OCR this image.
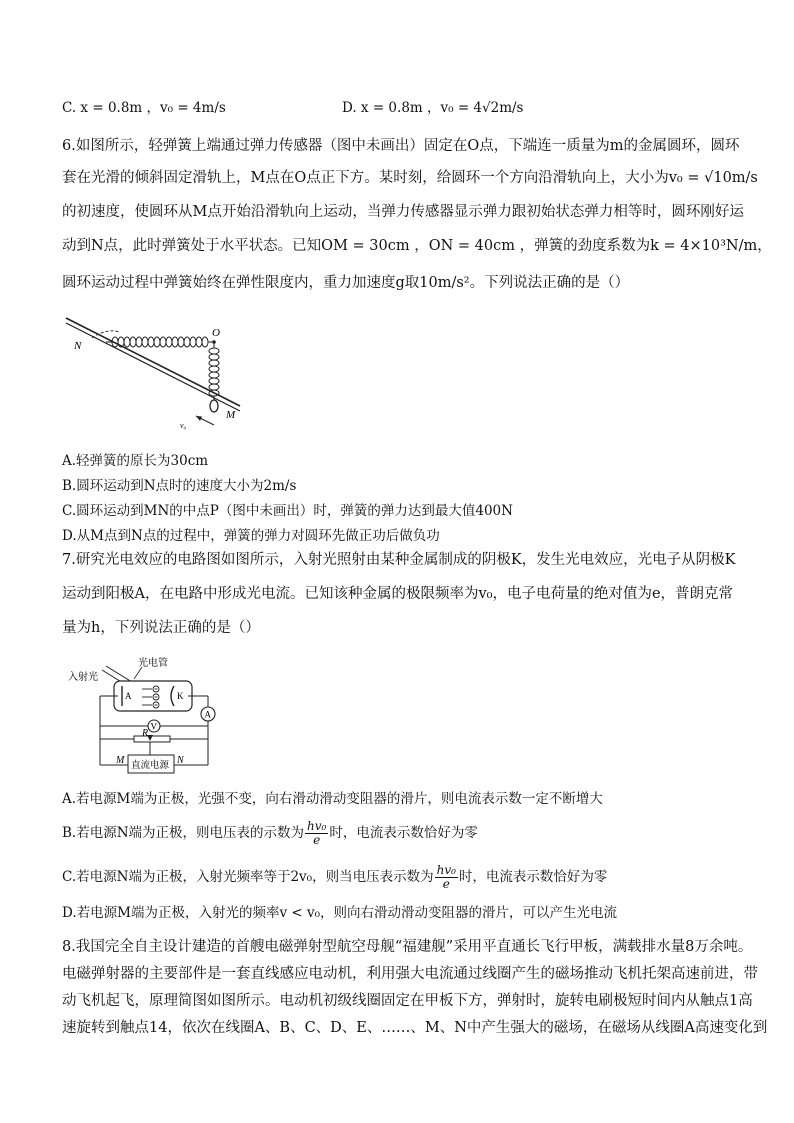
C. x = 0.8m ，v₀ = 4m/s	D. x = 0.8m ，v₀ = 4√2m/s
6.如图所示，轻弹簧上端通过弹力传感器（图中未画出）固定在O点，下端连一质量为m的金属圆环，圆环
套在光滑的倾斜固定滑轨上，M点在O点正下方。某时刻，给圆环一个方向沿滑轨向上，大小为v₀ = √10m/s
的初速度，使圆环从M点开始沿滑轨向上运动，当弹力传感器显示弹力跟初始状态弹力相等时，圆环刚好运
动到N点，此时弹簧处于水平状态。已知OM = 30cm ，ON = 40cm ，弹簧的劲度系数为k = 4×10³N/m，
圆环运动过程中弹簧始终在弹性限度内，重力加速度g取10m/s²。下列说法正确的是（）
O
N
M
v₀
A.轻弹簧的原长为30cm
B.圆环运动到N点时的速度大小为2m/s
C.圆环运动到MN的中点P（图中未画出）时，弹簧的弹力达到最大值400N
D.从M点到N点的过程中，弹簧的弹力对圆环先做正功后做负功
7.研究光电效应的电路图如图所示，入射光照射由某种金属制成的阴极K，发生光电效应，光电子从阴极K
运动到阳极A，在电路中形成光电流。已知该种金属的极限频率为v₀，电子电荷量的绝对值为e，普朗克常
量为h，下列说法正确的是（）
入射光
光电管
A	K
A
V
R
直流电源
M	N
A.若电源M端为正极，光强不变，向右滑动滑动变阻器的滑片，则电流表示数一定不断增大
B.若电源N端为正极，则电压表的示数为 $\frac{\text{hv₀}}{e}$ 时，电流表示数恰好为零
C.若电源N端为正极，入射光频率等于2v₀，则当电压表示数为 $\frac{\text{hv₀}}{e}$ 时，电流表示数恰好为零
D.若电源M端为正极，入射光的频率v < v₀，则向右滑动滑动变阻器的滑片，可以产生光电流
8.我国完全自主设计建造的首艘电磁弹射型航空母舰“福建舰”采用平直通长飞行甲板，满载排水量8万余吨。
电磁弹射器的主要部件是一套直线感应电动机，利用强大电流通过线圈产生的磁场推动飞机托架高速前进，带
动飞机起飞，原理简图如图所示。电动机初级线圈固定在甲板下方，弹射时，旋转电刷极短时间内从触点1高
速旋转到触点14，依次在线圈A、B、C、D、E、……、M、N中产生强大的磁场，在磁场从线圈A高速变化到
